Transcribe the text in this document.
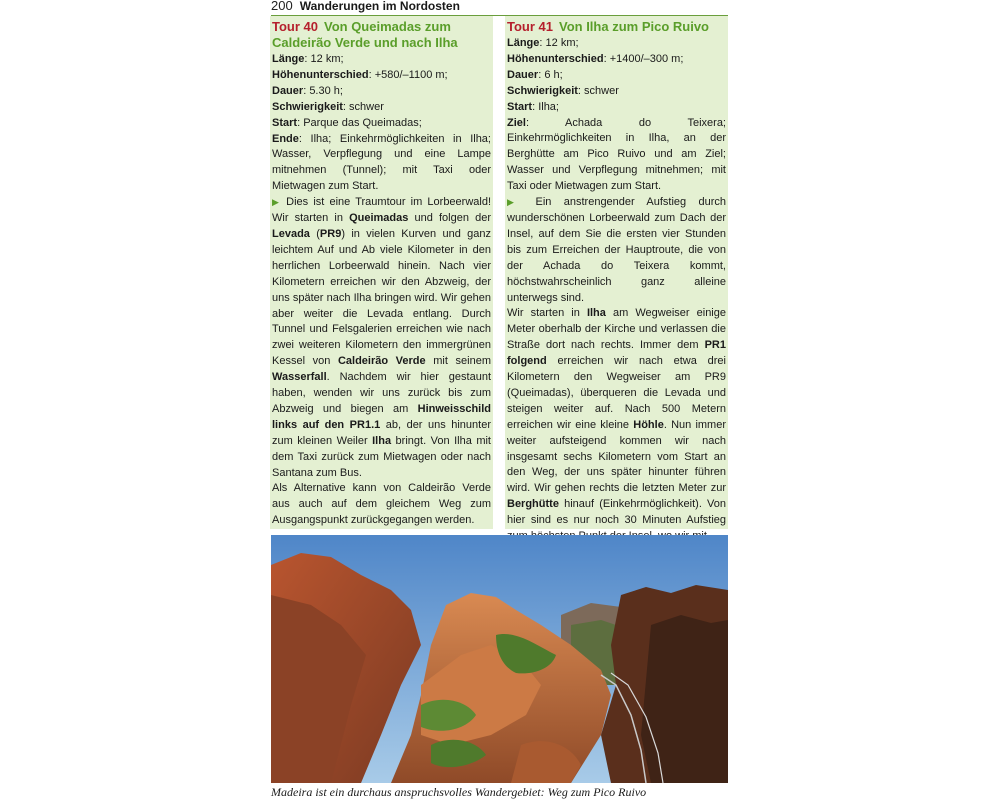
200 Wanderungen im Nordosten
Tour 40 Von Queimadas zum Caldeirão Verde und nach Ilha

Länge: 12 km;

Höhenunterschied: +580/–1100 m;

Dauer: 5.30 h;

Schwierigkeit: schwer

Start: Parque das Queimadas;

Ende: Ilha; Einkehrmöglichkeiten in Ilha; Wasser, Verpflegung und eine Lampe mitnehmen (Tunnel); mit Taxi oder Mietwagen zum Start.

▶ Dies ist eine Traumtour im Lorbeerwald! Wir starten in Queimadas und folgen der Levada (PR9) in vielen Kurven und ganz leichtem Auf und Ab viele Kilometer in den herrlichen Lorbeerwald hinein. Nach vier Kilometern erreichen wir den Abzweig, der uns später nach Ilha bringen wird. Wir gehen aber weiter die Levada entlang. Durch Tunnel und Felsgalerien erreichen wie nach zwei weiteren Kilometern den immergrünen Kessel von Caldeirão Verde mit seinem Wasserfall. Nachdem wir hier gestaunt haben, wenden wir uns zurück bis zum Abzweig und biegen am Hinweisschild links auf den PR1.1 ab, der uns hinunter zum kleinen Weiler Ilha bringt. Von Ilha mit dem Taxi zurück zum Mietwagen oder nach Santana zum Bus.

Als Alternative kann von Caldeirão Verde aus auch auf dem gleichem Weg zum Ausgangspunkt zurückgegangen werden.

Tour 41 Von Ilha zum Pico Ruivo

Länge: 12 km;

Höhenunterschied: +1400/–300 m;

Dauer: 6 h;

Schwierigkeit: schwer

Start: Ilha;

Ziel: Achada do Teixera; Einkehrmöglichkeiten in Ilha, an der Berghütte am Pico Ruivo und am Ziel; Wasser und Verpflegung mitnehmen; mit Taxi oder Mietwagen zum Start.

▶ Ein anstrengender Aufstieg durch wunderschönen Lorbeerwald zum Dach der Insel, auf dem Sie die ersten vier Stunden bis zum Erreichen der Hauptroute, die von der Achada do Teixera kommt, höchstwahrscheinlich ganz alleine unterwegs sind.

Wir starten in Ilha am Wegweiser einige Meter oberhalb der Kirche und verlassen die Straße dort nach rechts. Immer dem PR1 folgend erreichen wir nach etwa drei Kilometern den Wegweiser am PR9 (Queimadas), überqueren die Levada und steigen weiter auf. Nach 500 Metern erreichen wir eine kleine Höhle. Nun immer weiter aufsteigend kommen wir nach insgesamt sechs Kilometern vom Start an den Weg, der uns später hinunter führen wird. Wir gehen rechts die letzten Meter zur Berghütte hinauf (Einkehrmöglichkeit). Von hier sind es nur noch 30 Minuten Aufstieg

Madeira ist ein durchaus anspruchsvolles Wandergebiet: Weg zum Pico Ruivo
